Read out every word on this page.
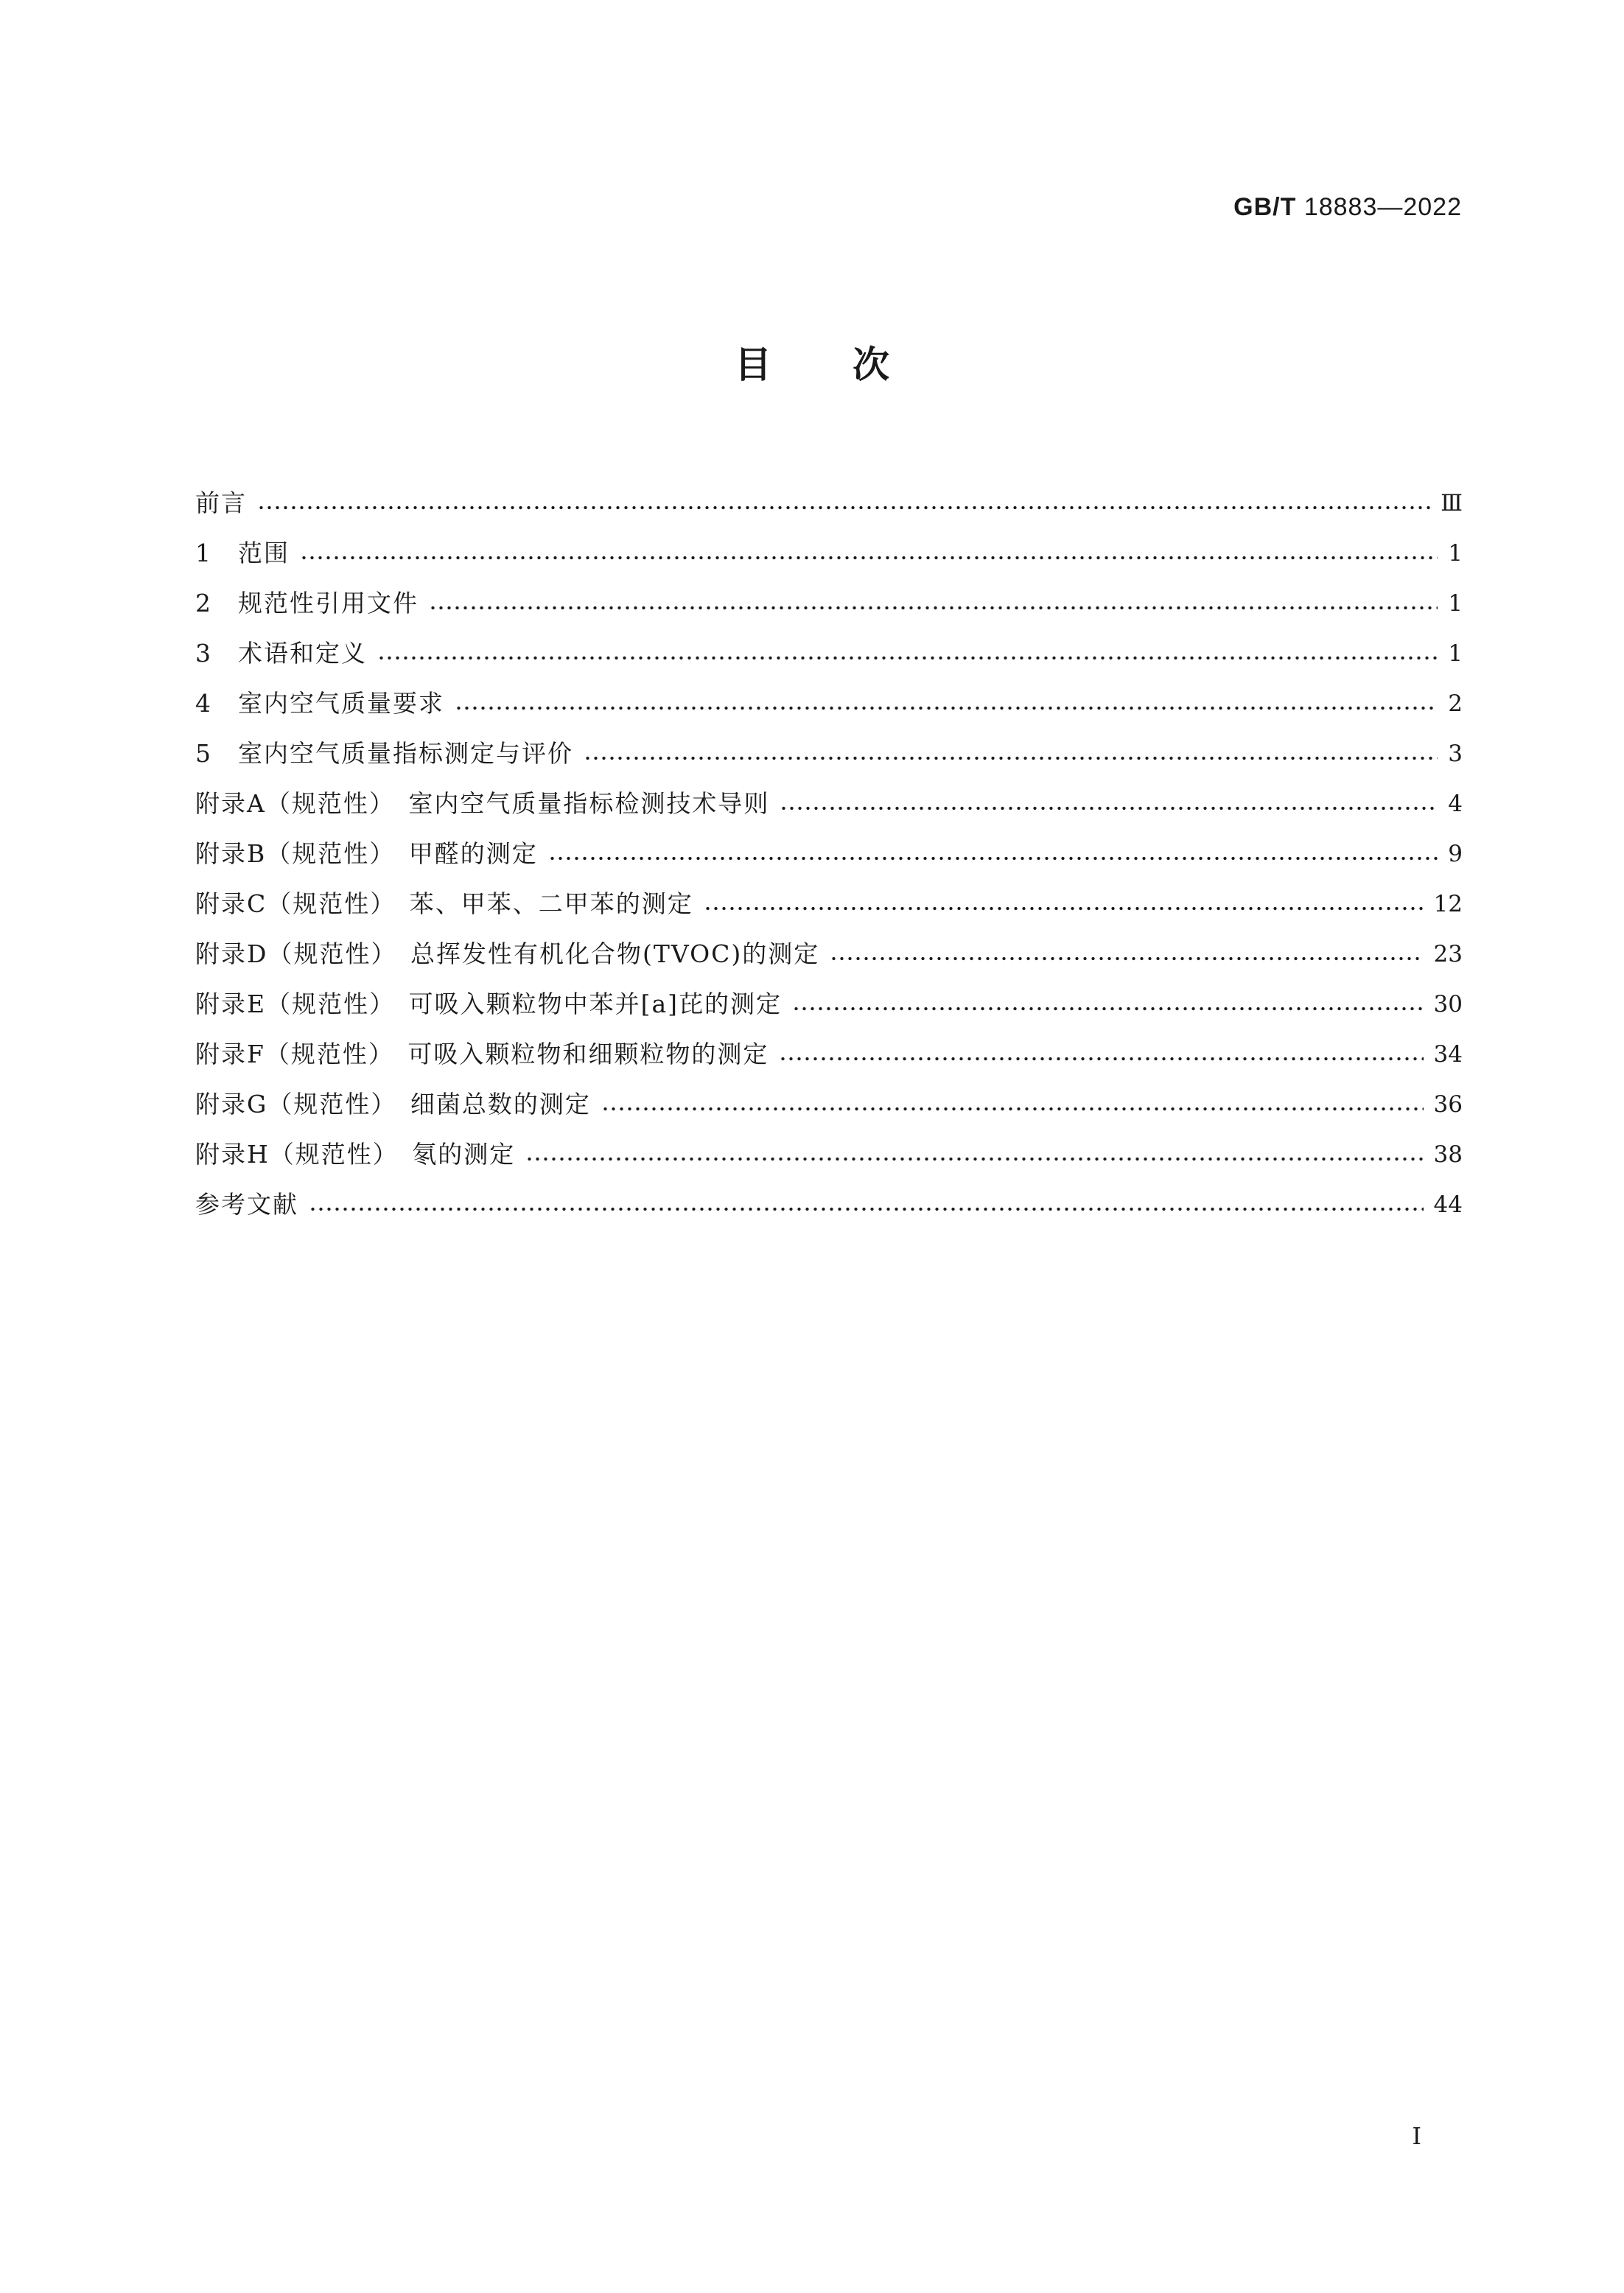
GB/T 18883—2022
目次
前言	Ⅲ
1　范围	1
2　规范性引用文件	1
3　术语和定义	1
4　室内空气质量要求	2
5　室内空气质量指标测定与评价	3
附录A（规范性）　室内空气质量指标检测技术导则	4
附录B（规范性）　甲醛的测定	9
附录C（规范性）　苯、甲苯、二甲苯的测定	12
附录D（规范性）　总挥发性有机化合物(TVOC)的测定	23
附录E（规范性）　可吸入颗粒物中苯并[a]芘的测定	30
附录F（规范性）　可吸入颗粒物和细颗粒物的测定	34
附录G（规范性）　细菌总数的测定	36
附录H（规范性）　氡的测定	38
参考文献	44
I
